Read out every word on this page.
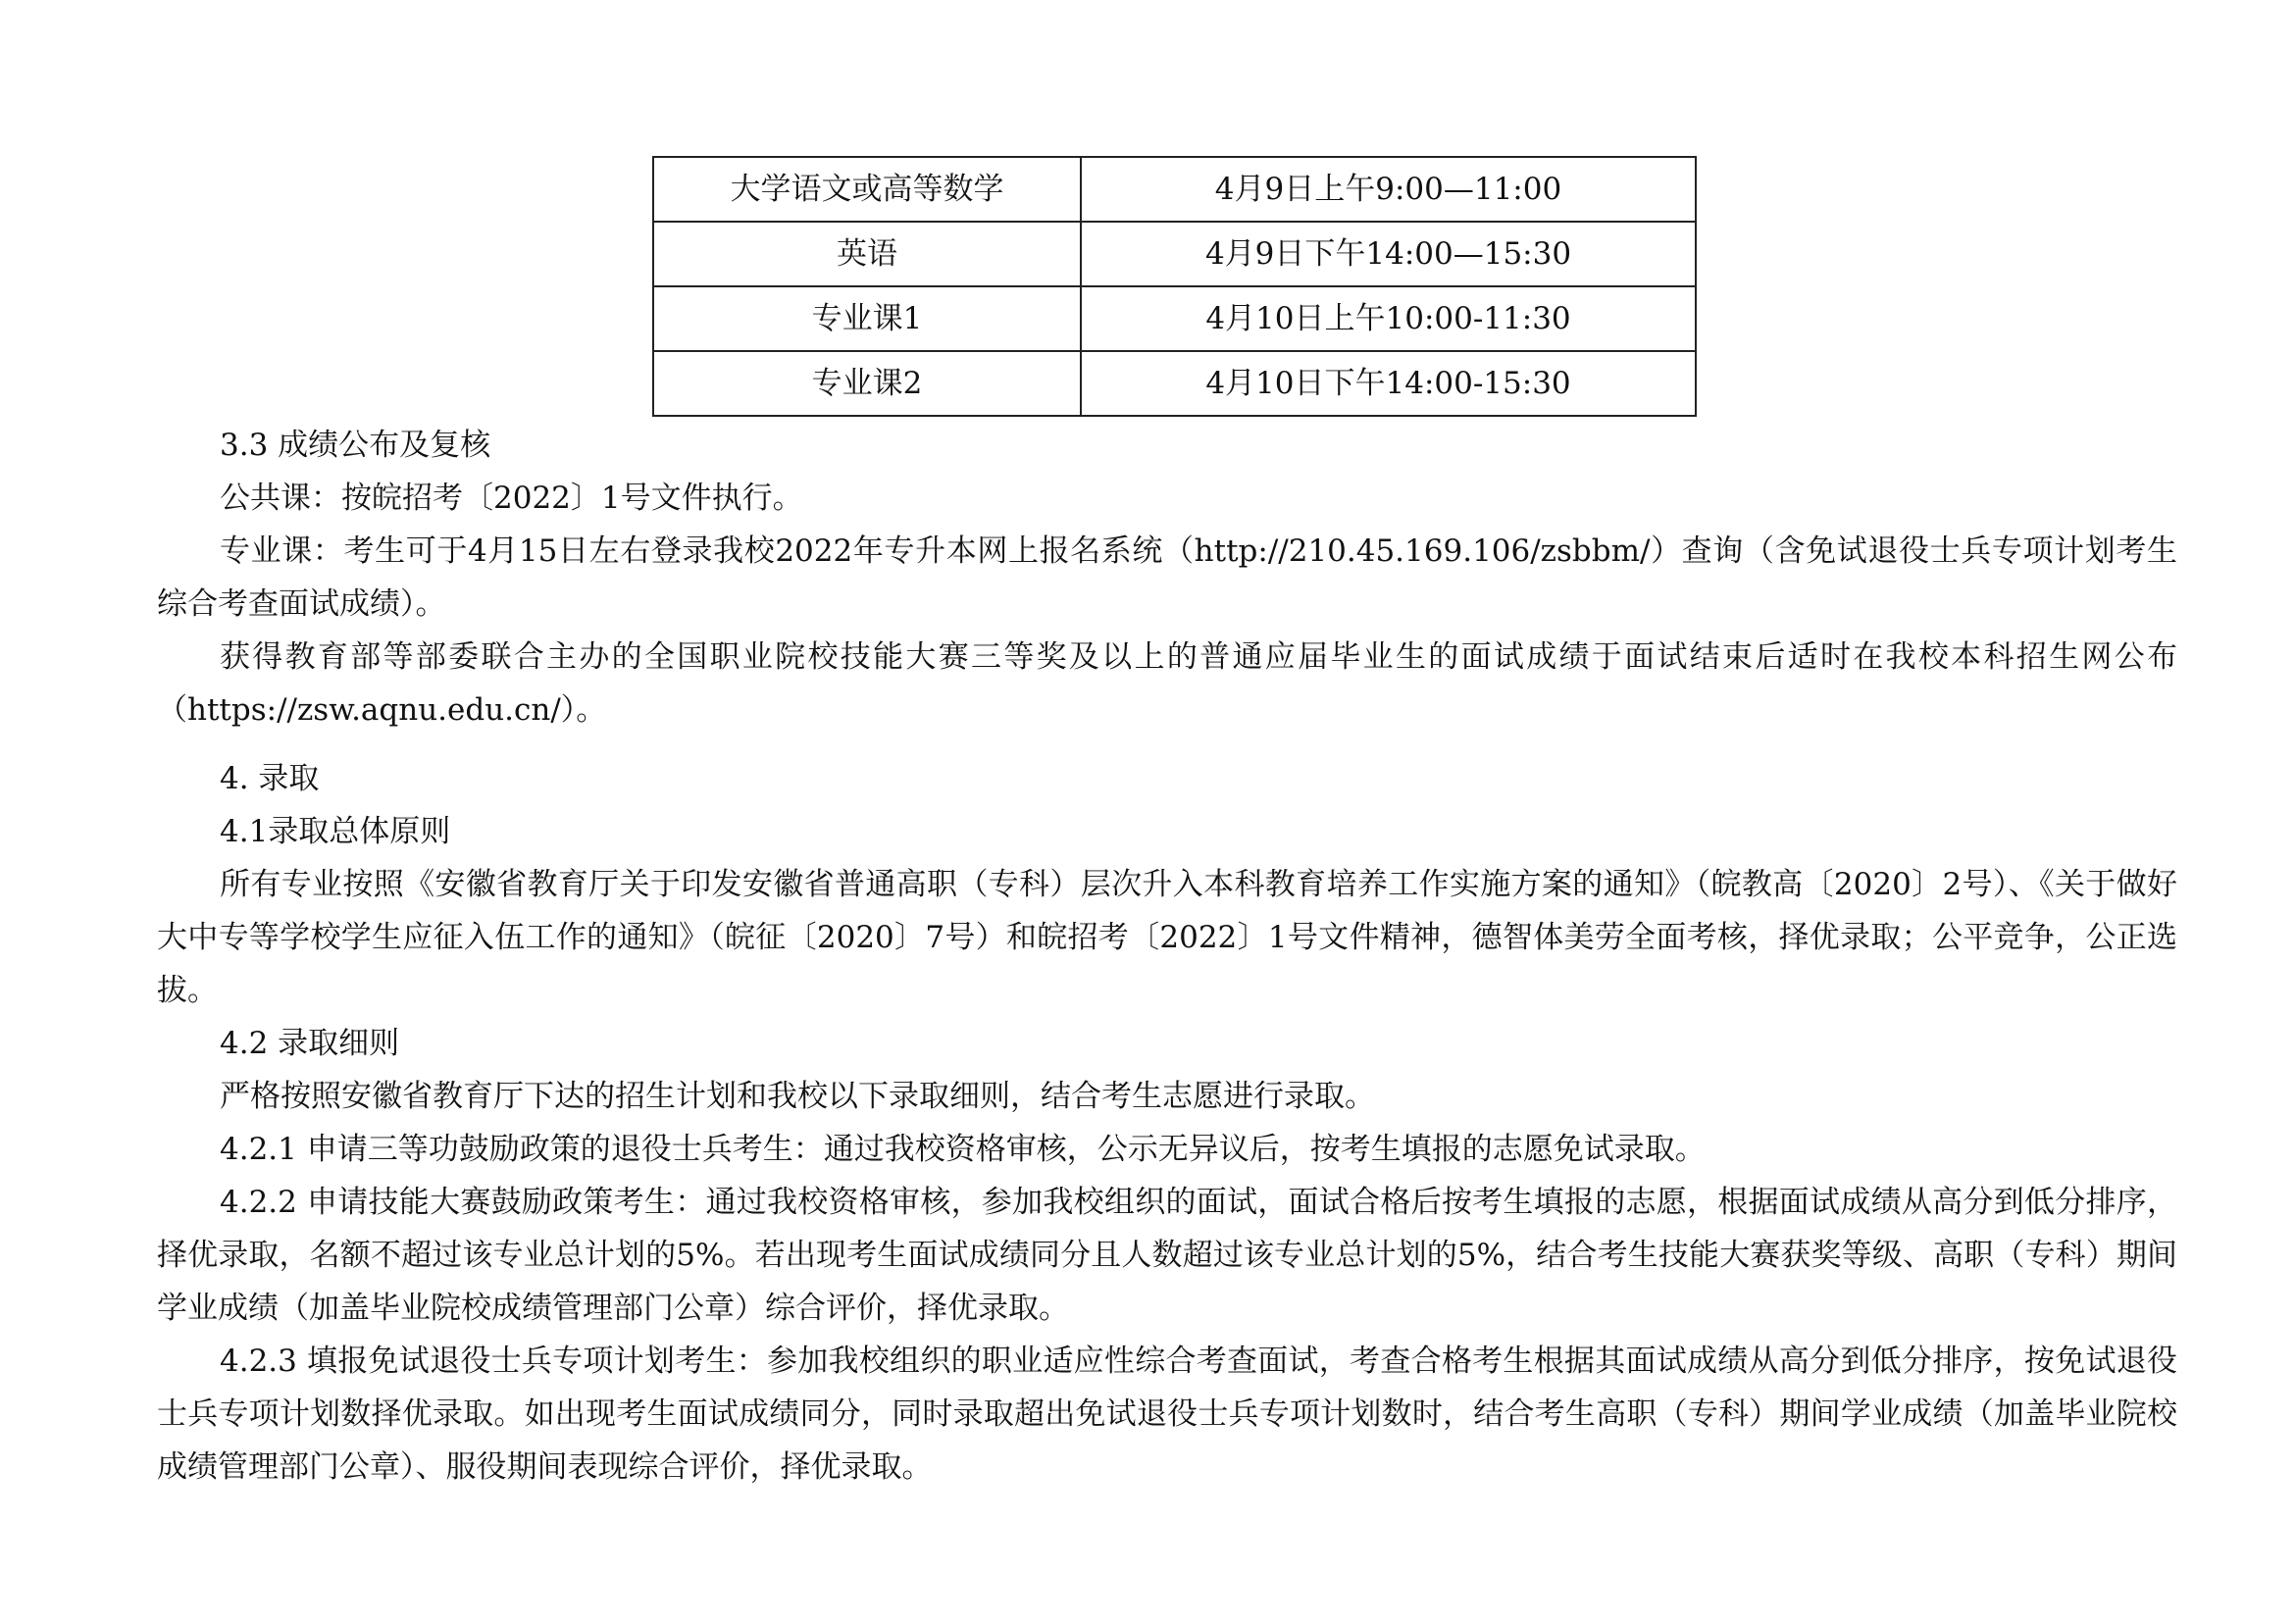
大学语文或高等数学	4月9日上午9:00—11:00
英语	4月9日下午14:00—15:30
专业课1	4月10日上午10:00-11:30
专业课2	4月10日下午14:00-15:30

3.3 成绩公布及复核

公共课：按皖招考〔2022〕1号文件执行。

专业课：考生可于4月15日左右登录我校2022年专升本网上报名系统（http://210.45.169.106/zsbbm/）查询（含免试退役士兵专项计划考生综合考查面试成绩）。

获得教育部等部委联合主办的全国职业院校技能大赛三等奖及以上的普通应届毕业生的面试成绩于面试结束后适时在我校本科招生网公布（https://zsw.aqnu.edu.cn/）。

4. 录取

4.1录取总体原则

所有专业按照《安徽省教育厅关于印发安徽省普通高职（专科）层次升入本科教育培养工作实施方案的通知》（皖教高〔2020〕2号）、《关于做好大中专等学校学生应征入伍工作的通知》（皖征〔2020〕7号）和皖招考〔2022〕1号文件精神，德智体美劳全面考核，择优录取；公平竞争，公正选拔。

4.2 录取细则

严格按照安徽省教育厅下达的招生计划和我校以下录取细则，结合考生志愿进行录取。

4.2.1 申请三等功鼓励政策的退役士兵考生：通过我校资格审核，公示无异议后，按考生填报的志愿免试录取。

4.2.2 申请技能大赛鼓励政策考生：通过我校资格审核，参加我校组织的面试，面试合格后按考生填报的志愿，根据面试成绩从高分到低分排序，择优录取，名额不超过该专业总计划的5%。若出现考生面试成绩同分且人数超过该专业总计划的5%，结合考生技能大赛获奖等级、高职（专科）期间学业成绩（加盖毕业院校成绩管理部门公章）综合评价，择优录取。

4.2.3 填报免试退役士兵专项计划考生：参加我校组织的职业适应性综合考查面试，考查合格考生根据其面试成绩从高分到低分排序，按免试退役士兵专项计划数择优录取。如出现考生面试成绩同分，同时录取超出免试退役士兵专项计划数时，结合考生高职（专科）期间学业成绩（加盖毕业院校成绩管理部门公章）、服役期间表现综合评价，择优录取。
